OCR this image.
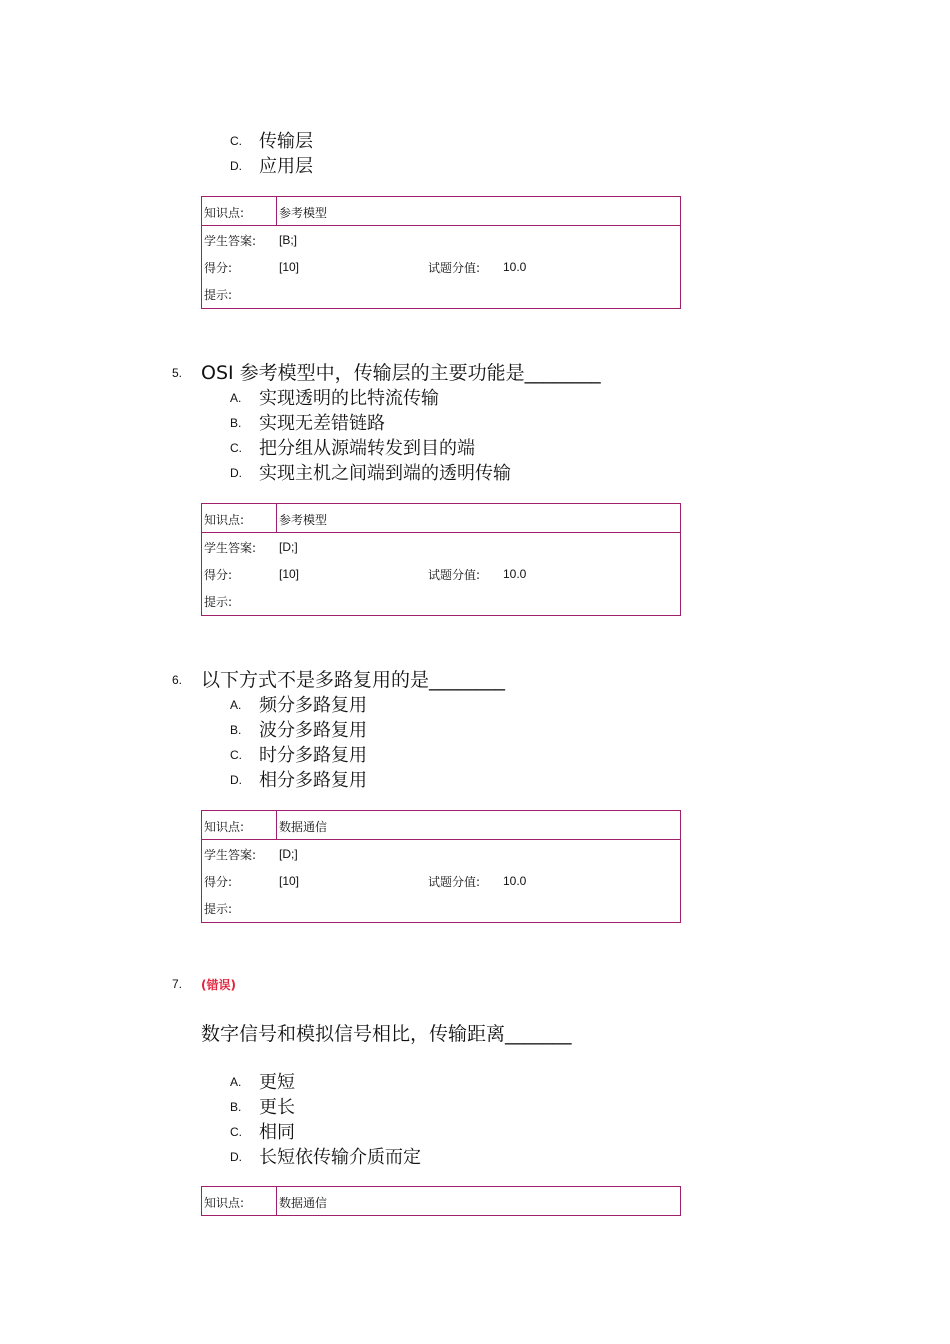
C. 传输层
D. 应用层
知识点:	参考模型
学生答案: [B;]
得分:	[10]	试题分值: 10.0
提示:
5. OSI 参考模型中，传输层的主要功能是________
A. 实现透明的比特流传输
B. 实现无差错链路
C. 把分组从源端转发到目的端
D. 实现主机之间端到端的透明传输
知识点:	参考模型
学生答案: [D;]
得分:	[10]	试题分值: 10.0
提示:
6. 以下方式不是多路复用的是________
A. 频分多路复用
B. 波分多路复用
C. 时分多路复用
D. 相分多路复用
知识点:	数据通信
学生答案: [D;]
得分:	[10]	试题分值: 10.0
提示:
7. (错误)
数字信号和模拟信号相比，传输距离_______
A. 更短
B. 更长
C. 相同
D. 长短依传输介质而定
知识点:	数据通信
